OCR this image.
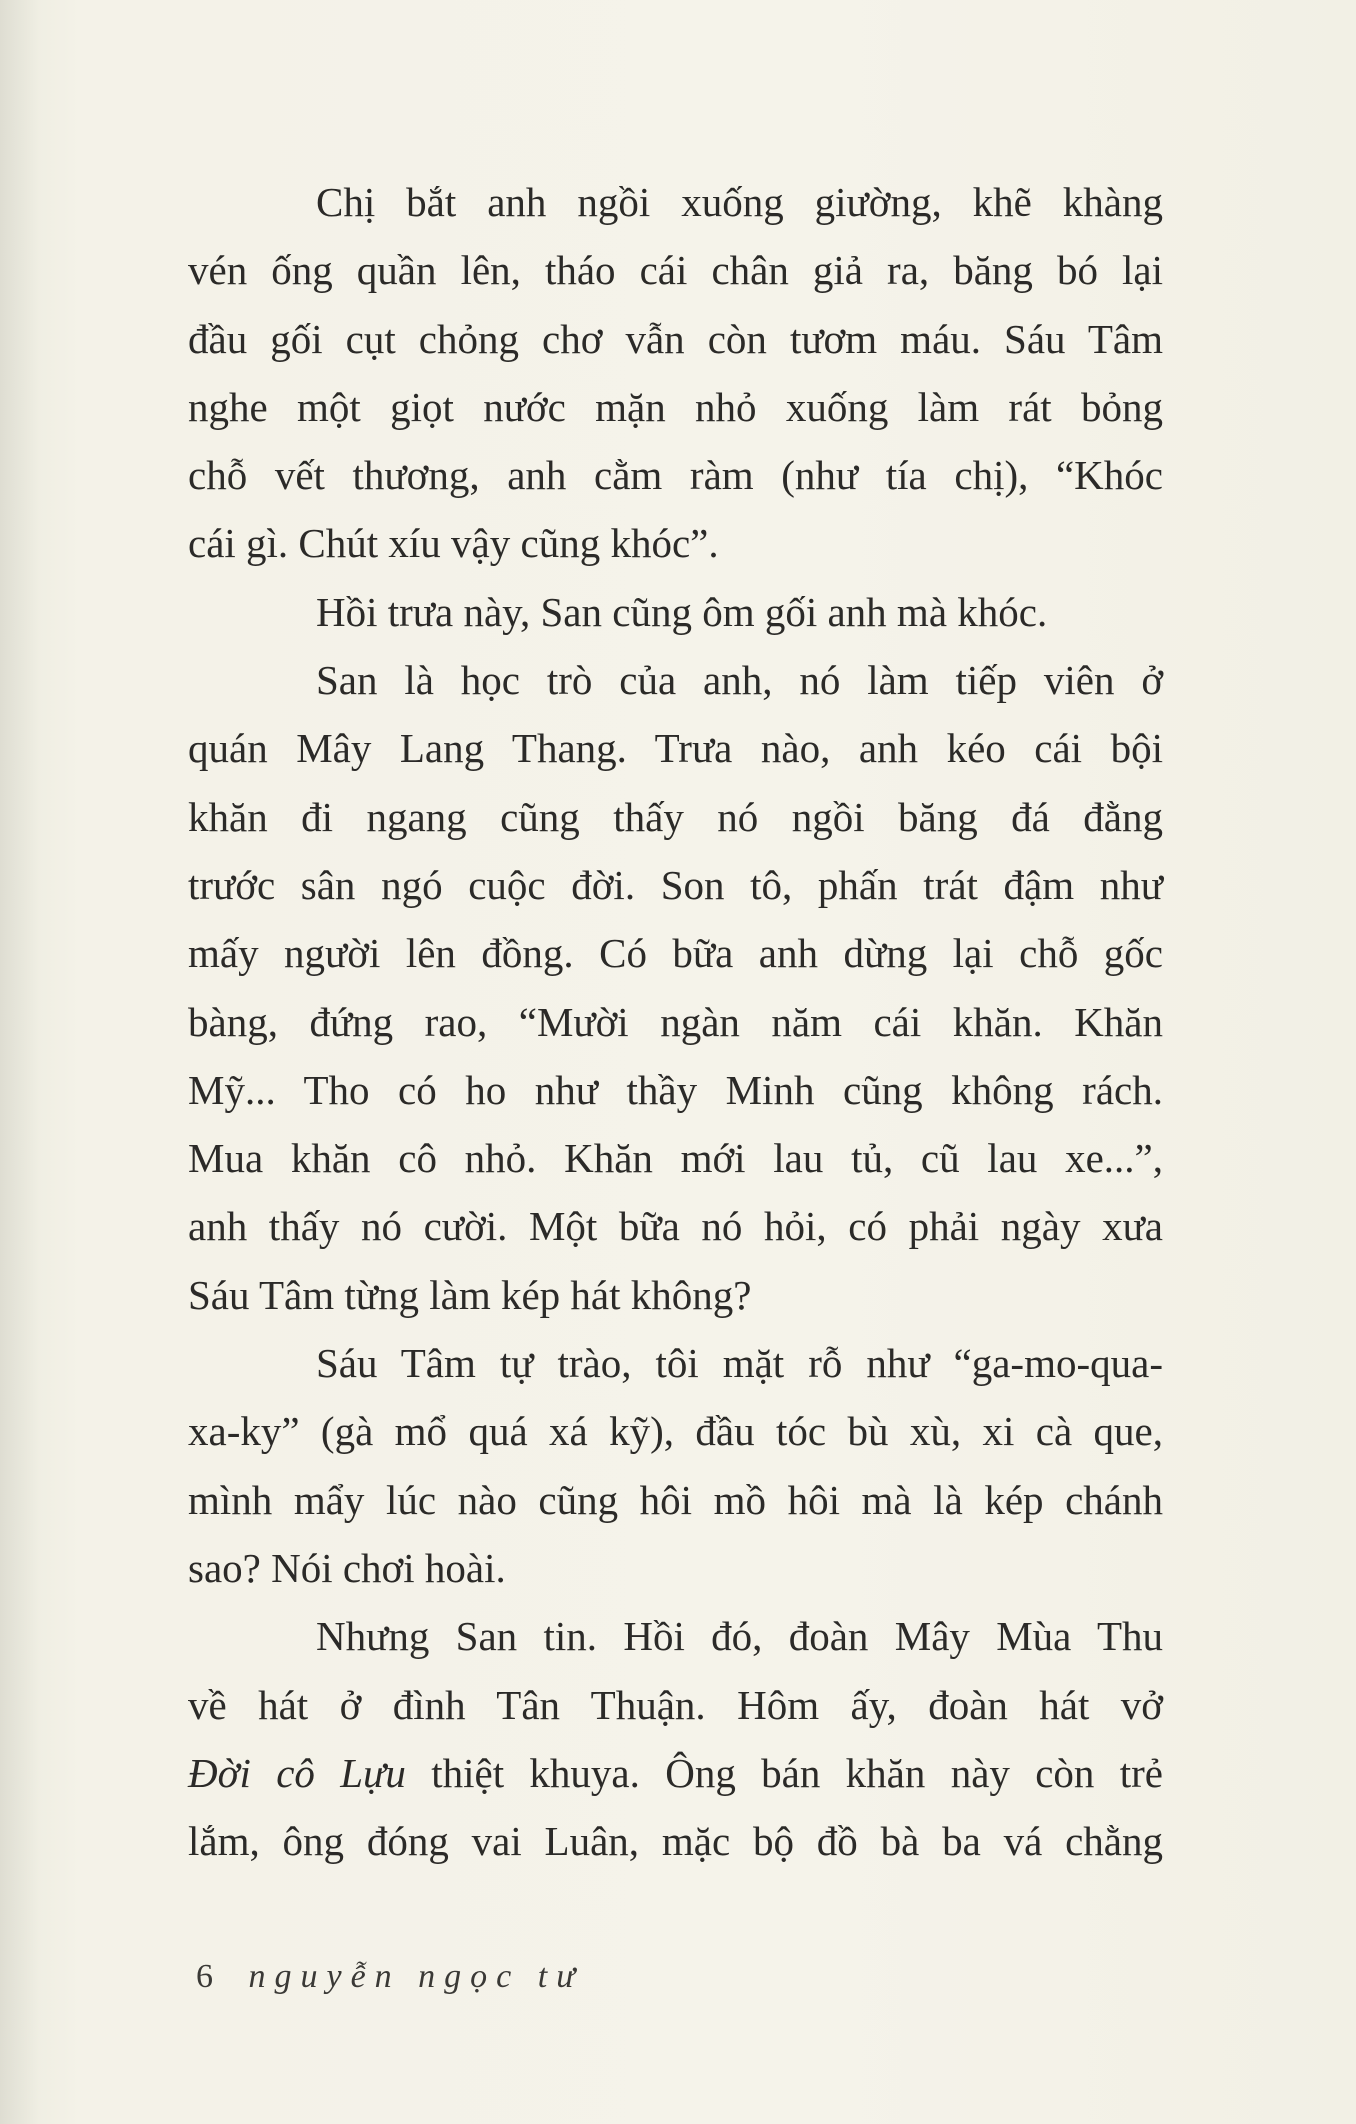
Chị bắt anh ngồi xuống giường, khẽ khàng
vén ống quần lên, tháo cái chân giả ra, băng bó lại
đầu gối cụt chỏng chơ vẫn còn tươm máu. Sáu Tâm
nghe một giọt nước mặn nhỏ xuống làm rát bỏng
chỗ vết thương, anh cằm ràm (như tía chị), “Khóc
cái gì. Chút xíu vậy cũng khóc”.

Hồi trưa này, San cũng ôm gối anh mà khóc.

San là học trò của anh, nó làm tiếp viên ở
quán Mây Lang Thang. Trưa nào, anh kéo cái bội
khăn đi ngang cũng thấy nó ngồi băng đá đằng
trước sân ngó cuộc đời. Son tô, phấn trát đậm như
mấy người lên đồng. Có bữa anh dừng lại chỗ gốc
bàng, đứng rao, “Mười ngàn năm cái khăn. Khăn
Mỹ... Tho có ho như thầy Minh cũng không rách.
Mua khăn cô nhỏ. Khăn mới lau tủ, cũ lau xe...”,
anh thấy nó cười. Một bữa nó hỏi, có phải ngày xưa
Sáu Tâm từng làm kép hát không?

Sáu Tâm tự trào, tôi mặt rỗ như “ga-mo-qua-
xa-ky” (gà mổ quá xá kỹ), đầu tóc bù xù, xi cà que,
mình mẩy lúc nào cũng hôi mồ hôi mà là kép chánh
sao? Nói chơi hoài.

Nhưng San tin. Hồi đó, đoàn Mây Mùa Thu
về hát ở đình Tân Thuận. Hôm ấy, đoàn hát vở
Đời cô Lựu thiệt khuya. Ông bán khăn này còn trẻ
lắm, ông đóng vai Luân, mặc bộ đồ bà ba vá chằng

6 nguyễn ngọc tư
